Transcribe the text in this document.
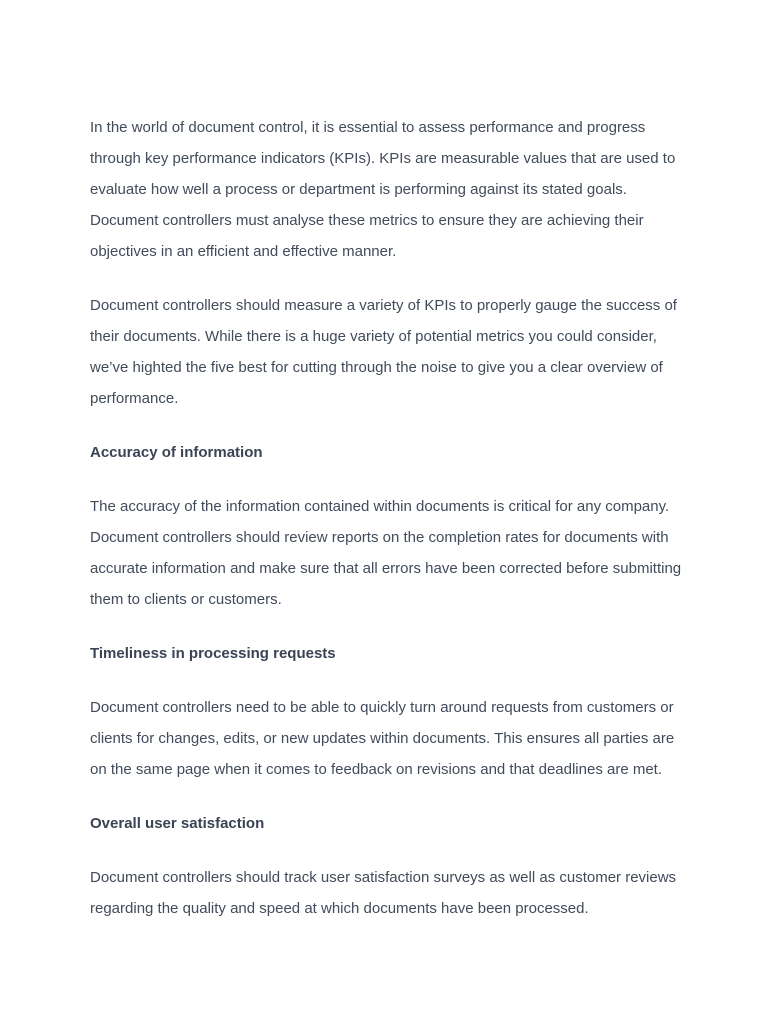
In the world of document control, it is essential to assess performance and progress through key performance indicators (KPIs). KPIs are measurable values that are used to evaluate how well a process or department is performing against its stated goals. Document controllers must analyse these metrics to ensure they are achieving their objectives in an efficient and effective manner.

Document controllers should measure a variety of KPIs to properly gauge the success of their documents. While there is a huge variety of potential metrics you could consider, we’ve highted the five best for cutting through the noise to give you a clear overview of performance.

Accuracy of information

The accuracy of the information contained within documents is critical for any company. Document controllers should review reports on the completion rates for documents with accurate information and make sure that all errors have been corrected before submitting them to clients or customers.

Timeliness in processing requests

Document controllers need to be able to quickly turn around requests from customers or clients for changes, edits, or new updates within documents. This ensures all parties are on the same page when it comes to feedback on revisions and that deadlines are met.

Overall user satisfaction

Document controllers should track user satisfaction surveys as well as customer reviews regarding the quality and speed at which documents have been processed.
